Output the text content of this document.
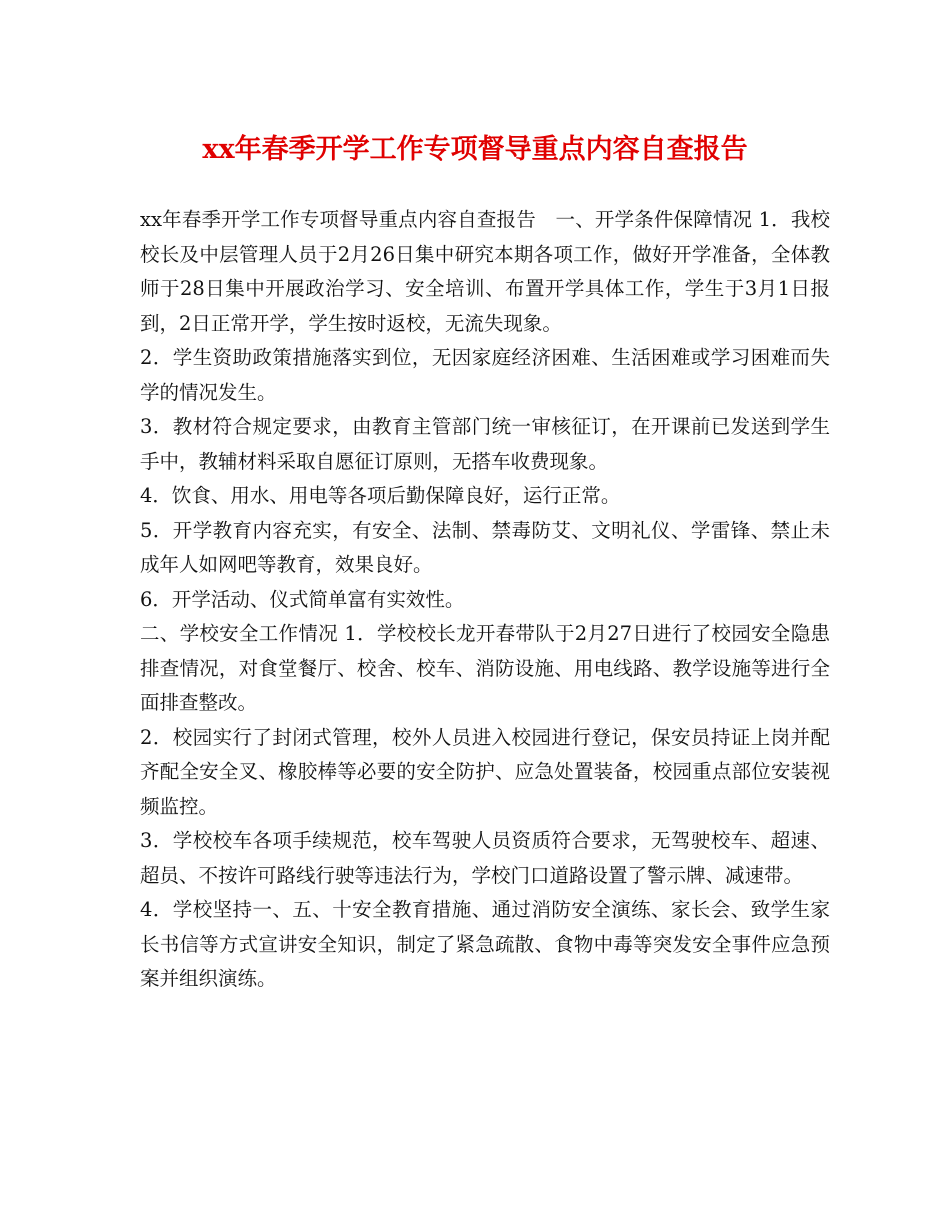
xx年春季开学工作专项督导重点内容自查报告

xx年春季开学工作专项督导重点内容自查报告　一、开学条件保障情况 1．我校校长及中层管理人员于2月26日集中研究本期各项工作，做好开学准备，全体教师于28日集中开展政治学习、安全培训、布置开学具体工作，学生于3月1日报到，2日正常开学，学生按时返校，无流失现象。

2．学生资助政策措施落实到位，无因家庭经济困难、生活困难或学习困难而失学的情况发生。

3．教材符合规定要求，由教育主管部门统一审核征订，在开课前已发送到学生手中，教辅材料采取自愿征订原则，无搭车收费现象。

4．饮食、用水、用电等各项后勤保障良好，运行正常。

5．开学教育内容充实，有安全、法制、禁毒防艾、文明礼仪、学雷锋、禁止未成年人如网吧等教育，效果良好。

6．开学活动、仪式简单富有实效性。

二、学校安全工作情况 1．学校校长龙开春带队于2月27日进行了校园安全隐患排查情况，对食堂餐厅、校舍、校车、消防设施、用电线路、教学设施等进行全面排查整改。

2．校园实行了封闭式管理，校外人员进入校园进行登记，保安员持证上岗并配齐配全安全叉、橡胶棒等必要的安全防护、应急处置装备，校园重点部位安装视频监控。

3．学校校车各项手续规范，校车驾驶人员资质符合要求，无驾驶校车、超速、超员、不按许可路线行驶等违法行为，学校门口道路设置了警示牌、减速带。

4．学校坚持一、五、十安全教育措施、通过消防安全演练、家长会、致学生家长书信等方式宣讲安全知识，制定了紧急疏散、食物中毒等突发安全事件应急预案并组织演练。
